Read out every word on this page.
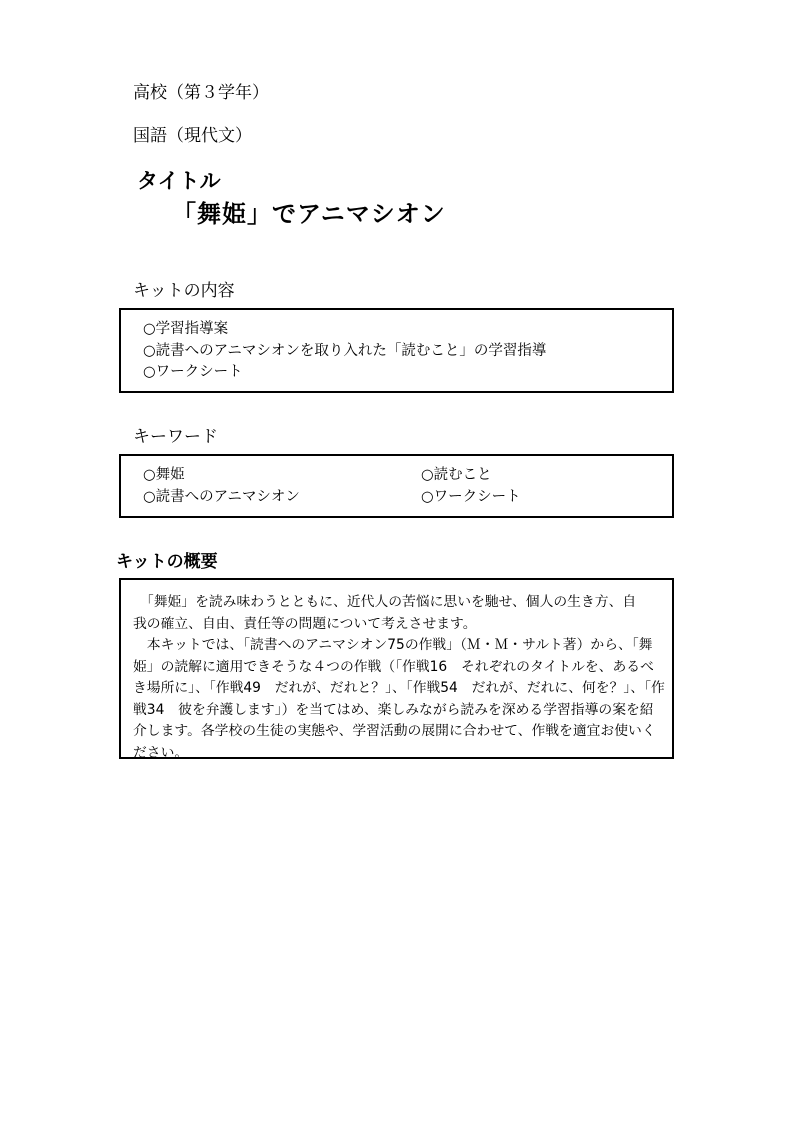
高校（第３学年）
国語（現代文）
タイトル
「舞姫」でアニマシオン
キットの内容
○学習指導案
○読書へのアニマシオンを取り入れた「読むこと」の学習指導
○ワークシート
キーワード
○舞姫	○読むこと
○読書へのアニマシオン	○ワークシート
キットの概要
　「舞姫」を読み味わうとともに、近代人の苦悩に思いを馳せ、個人の生き方、自
我の確立、自由、責任等の問題について考えさせます。
　本キットでは、「読書へのアニマシオン75の作戦」（Ｍ・Ｍ・サルト著）から、「舞
姫」の読解に適用できそうな４つの作戦（「作戦16　それぞれのタイトルを、あるべ
き場所に」、「作戦49　だれが、だれと？」、「作戦54　だれが、だれに、何を？」、「作
戦34　彼を弁護します」）を当てはめ、楽しみながら読みを深める学習指導の案を紹
介します。各学校の生徒の実態や、学習活動の展開に合わせて、作戦を適宜お使いく
ださい。
